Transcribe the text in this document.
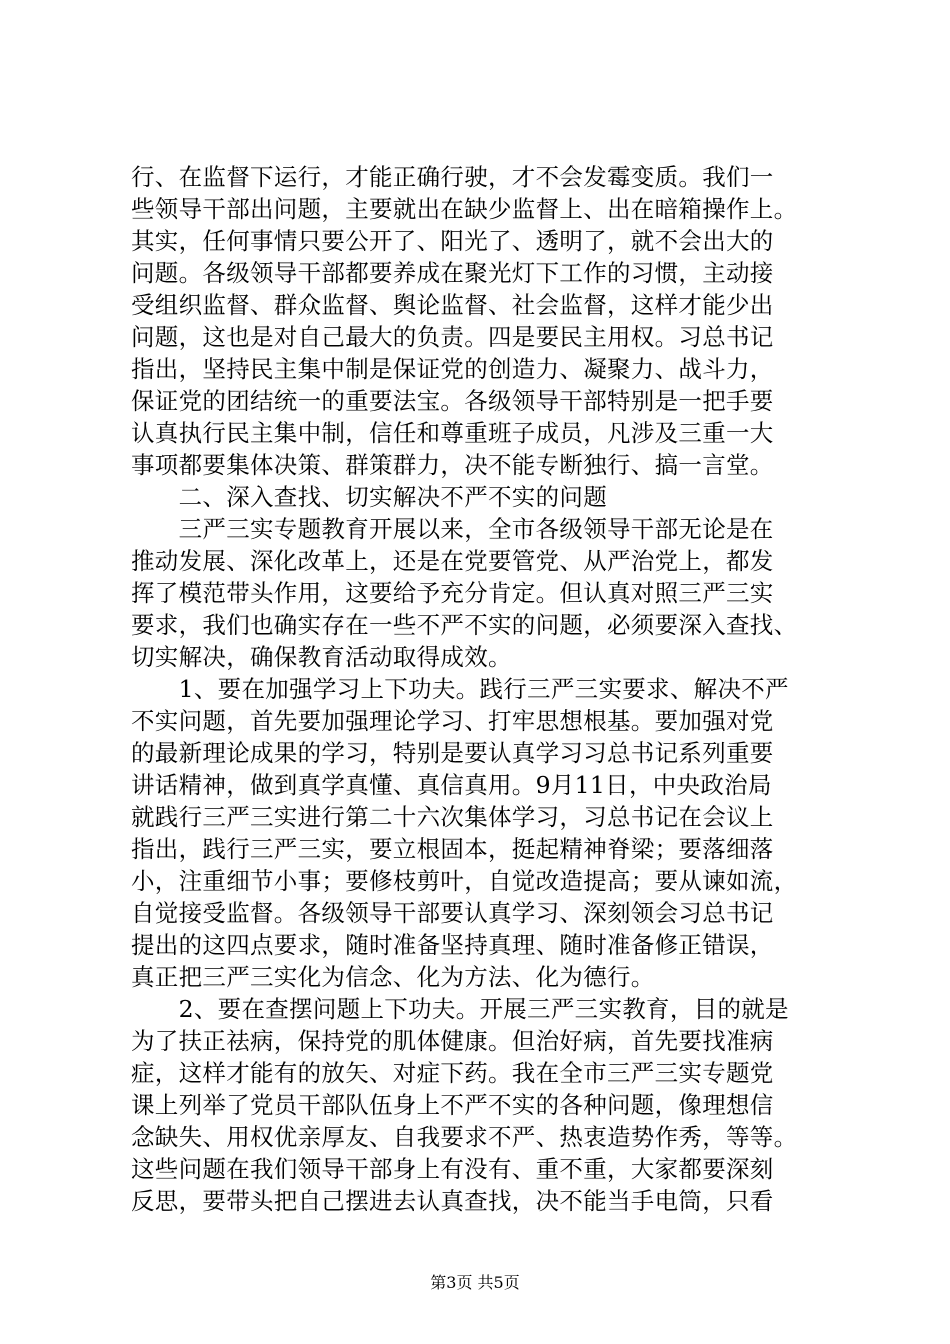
行、在监督下运行，才能正确行驶，才不会发霉变质。我们一
些领导干部出问题，主要就出在缺少监督上、出在暗箱操作上。
其实，任何事情只要公开了、阳光了、透明了，就不会出大的
问题。各级领导干部都要养成在聚光灯下工作的习惯，主动接
受组织监督、群众监督、舆论监督、社会监督，这样才能少出
问题，这也是对自己最大的负责。四是要民主用权。习总书记
指出，坚持民主集中制是保证党的创造力、凝聚力、战斗力，
保证党的团结统一的重要法宝。各级领导干部特别是一把手要
认真执行民主集中制，信任和尊重班子成员，凡涉及三重一大
事项都要集体决策、群策群力，决不能专断独行、搞一言堂。
　　二、深入查找、切实解决不严不实的问题
　　三严三实专题教育开展以来，全市各级领导干部无论是在
推动发展、深化改革上，还是在党要管党、从严治党上，都发
挥了模范带头作用，这要给予充分肯定。但认真对照三严三实
要求，我们也确实存在一些不严不实的问题，必须要深入查找、
切实解决，确保教育活动取得成效。
　　1、要在加强学习上下功夫。践行三严三实要求、解决不严
不实问题，首先要加强理论学习、打牢思想根基。要加强对党
的最新理论成果的学习，特别是要认真学习习总书记系列重要
讲话精神，做到真学真懂、真信真用。9月11日，中央政治局
就践行三严三实进行第二十六次集体学习，习总书记在会议上
指出，践行三严三实，要立根固本，挺起精神脊梁；要落细落
小，注重细节小事；要修枝剪叶，自觉改造提高；要从谏如流，
自觉接受监督。各级领导干部要认真学习、深刻领会习总书记
提出的这四点要求，随时准备坚持真理、随时准备修正错误，
真正把三严三实化为信念、化为方法、化为德行。
　　2、要在查摆问题上下功夫。开展三严三实教育，目的就是
为了扶正祛病，保持党的肌体健康。但治好病，首先要找准病
症，这样才能有的放矢、对症下药。我在全市三严三实专题党
课上列举了党员干部队伍身上不严不实的各种问题，像理想信
念缺失、用权优亲厚友、自我要求不严、热衷造势作秀，等等。
这些问题在我们领导干部身上有没有、重不重，大家都要深刻
反思，要带头把自己摆进去认真查找，决不能当手电筒，只看
第3页 共5页
